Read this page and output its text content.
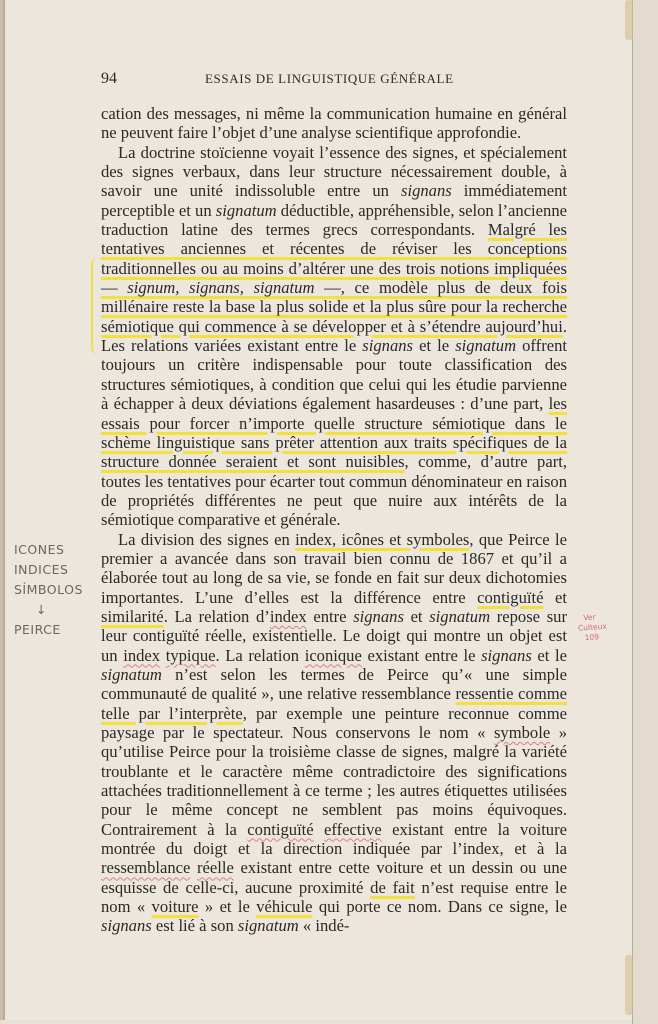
94	ESSAIS DE LINGUISTIQUE GÉNÉRALE

cation des messages, ni même la communication humaine en général ne peuvent faire l’objet d’une analyse scientifique approfondie.

La doctrine stoïcienne voyait l’essence des signes, et spécialement des signes verbaux, dans leur structure nécessairement double, à savoir une unité indissoluble entre un signans immédiatement perceptible et un signatum déductible, appréhensible, selon l’ancienne traduction latine des termes grecs correspondants. Malgré les tentatives anciennes et récentes de réviser les conceptions traditionnelles ou au moins d’altérer une des trois notions impliquées — signum, signans, signatum —, ce modèle plus de deux fois millénaire reste la base la plus solide et la plus sûre pour la recherche sémiotique qui commence à se développer et à s’étendre aujourd’hui. Les relations variées existant entre le signans et le signatum offrent toujours un critère indispensable pour toute classification des structures sémiotiques, à condition que celui qui les étudie parvienne à échapper à deux déviations également hasardeuses : d’une part, les essais pour forcer n’importe quelle structure sémiotique dans le schème linguistique sans prêter attention aux traits spécifiques de la structure donnée seraient et sont nuisibles, comme, d’autre part, toutes les tentatives pour écarter tout commun dénominateur en raison de propriétés différentes ne peut que nuire aux intérêts de la sémiotique comparative et générale.

La division des signes en index, icônes et symboles, que Peirce le premier a avancée dans son travail bien connu de 1867 et qu’il a élaborée tout au long de sa vie, se fonde en fait sur deux dichotomies importantes. L’une d’elles est la différence entre contiguïté et similarité. La relation d’index entre signans et signatum repose sur leur contiguïté réelle, existentielle. Le doigt qui montre un objet est un index typique. La relation iconique existant entre le signans et le signatum n’est selon les termes de Peirce qu’« une simple communauté de qualité », une relative ressemblance ressentie comme telle par l’interprète, par exemple une peinture reconnue comme paysage par le spectateur. Nous conservons le nom « symbole » qu’utilise Peirce pour la troisième classe de signes, malgré la variété troublante et le caractère même contradictoire des significations attachées traditionnellement à ce terme ; les autres étiquettes utilisées pour le même concept ne semblent pas moins équivoques. Contrairement à la contiguïté effective existant entre la voiture montrée du doigt et la direction indiquée par l’index, et à la ressemblance réelle existant entre cette voiture et un dessin ou une esquisse de celle-ci, aucune proximité de fait n’est requise entre le nom « voiture » et le véhicule qui porte ce nom. Dans ce signe, le signans est lié à son signatum « indé-

ICONES
INDICES
SÍMBOLOS
↓
PEIRCE
Ver
Culteux
109
